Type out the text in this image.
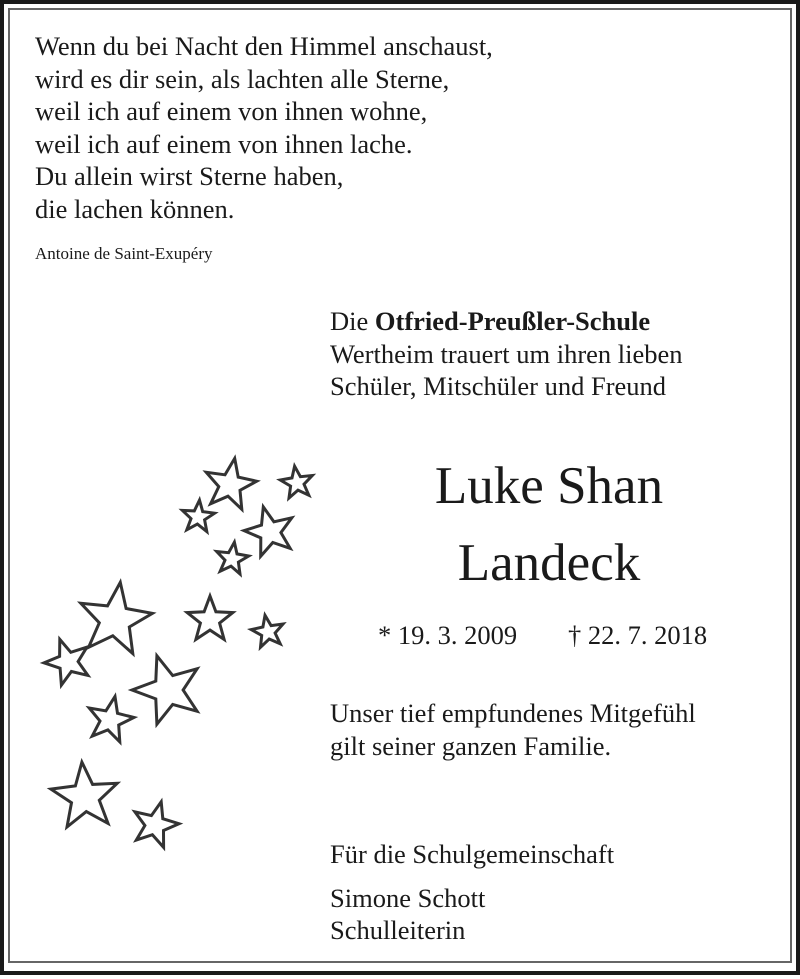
Wenn du bei Nacht den Himmel anschaust,
wird es dir sein, als lachten alle Sterne,
weil ich auf einem von ihnen wohne,
weil ich auf einem von ihnen lache.
Du allein wirst Sterne haben,
die lachen können.
Antoine de Saint-Exupéry
Die Otfried-Preußler-Schule
Wertheim trauert um ihren lieben
Schüler, Mitschüler und Freund
Luke Shan
Landeck
* 19. 3. 2009 † 22. 7. 2018
Unser tief empfundenes Mitgefühl
gilt seiner ganzen Familie.
Für die Schulgemeinschaft
Simone Schott
Schulleiterin
